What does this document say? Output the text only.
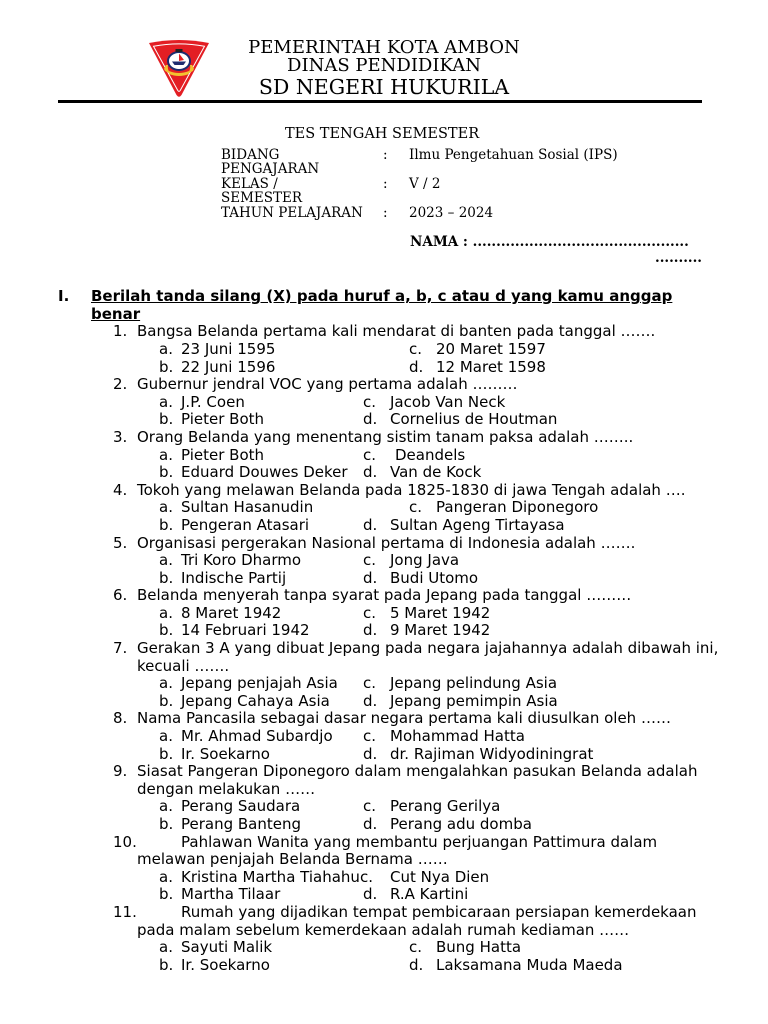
PEMERINTAH KOTA AMBON
DINAS PENDIDIKAN
SD NEGERI HUKURILA
TES TENGAH SEMESTER
BIDANG
PENGAJARAN
: Ilmu Pengetahuan Sosial (IPS)
KELAS /
SEMESTER
: V / 2
TAHUN PELAJARAN : 2023 – 2024
NAMA : ..............................................
..........
I. Berilah tanda silang (X) pada huruf a, b, c atau d yang kamu anggap
benar
1. Bangsa Belanda pertama kali mendarat di banten pada tanggal …….
a. 23 Juni 1595	c. 20 Maret 1597
b. 22 Juni 1596	d. 12 Maret 1598
2. Gubernur jendral VOC yang pertama adalah ………
a. J.P. Coen	c. Jacob Van Neck
b. Pieter Both	d. Cornelius de Houtman
3. Orang Belanda yang menentang sistim tanam paksa adalah ……..
a. Pieter Both	c. Deandels
b. Eduard Douwes Deker d. Van de Kock
4. Tokoh yang melawan Belanda pada 1825-1830 di jawa Tengah adalah ….
a. Sultan Hasanudin	c. Pangeran Diponegoro
b. Pengeran Atasari	d. Sultan Ageng Tirtayasa
5. Organisasi pergerakan Nasional pertama di Indonesia adalah …….
a. Tri Koro Dharmo	c. Jong Java
b. Indische Partij	d. Budi Utomo
6. Belanda menyerah tanpa syarat pada Jepang pada tanggal ………
a. 8 Maret 1942	c. 5 Maret 1942
b. 14 Februari 1942	d. 9 Maret 1942
7. Gerakan 3 A yang dibuat Jepang pada negara jajahannya adalah dibawah ini,
kecuali …….
a. Jepang penjajah Asia c. Jepang pelindung Asia
b. Jepang Cahaya Asia d. Jepang pemimpin Asia
8. Nama Pancasila sebagai dasar negara pertama kali diusulkan oleh ……
a. Mr. Ahmad Subardjo c. Mohammad Hatta
b. Ir. Soekarno	d. dr. Rajiman Widyodiningrat
9. Siasat Pangeran Diponegoro dalam mengalahkan pasukan Belanda adalah
dengan melakukan ……
a. Perang Saudara	c. Perang Gerilya
b. Perang Banteng	d. Perang adu domba
10.	Pahlawan Wanita yang membantu perjuangan Pattimura dalam
melawan penjajah Belanda Bernama ……
a. Kristina Martha Tiahahu c. Cut Nya Dien
b. Martha Tilaar	d. R.A Kartini
11.	Rumah yang dijadikan tempat pembicaraan persiapan kemerdekaan
pada malam sebelum kemerdekaan adalah rumah kediaman ……
a. Sayuti Malik	c. Bung Hatta
b. Ir. Soekarno	d. Laksamana Muda Maeda
